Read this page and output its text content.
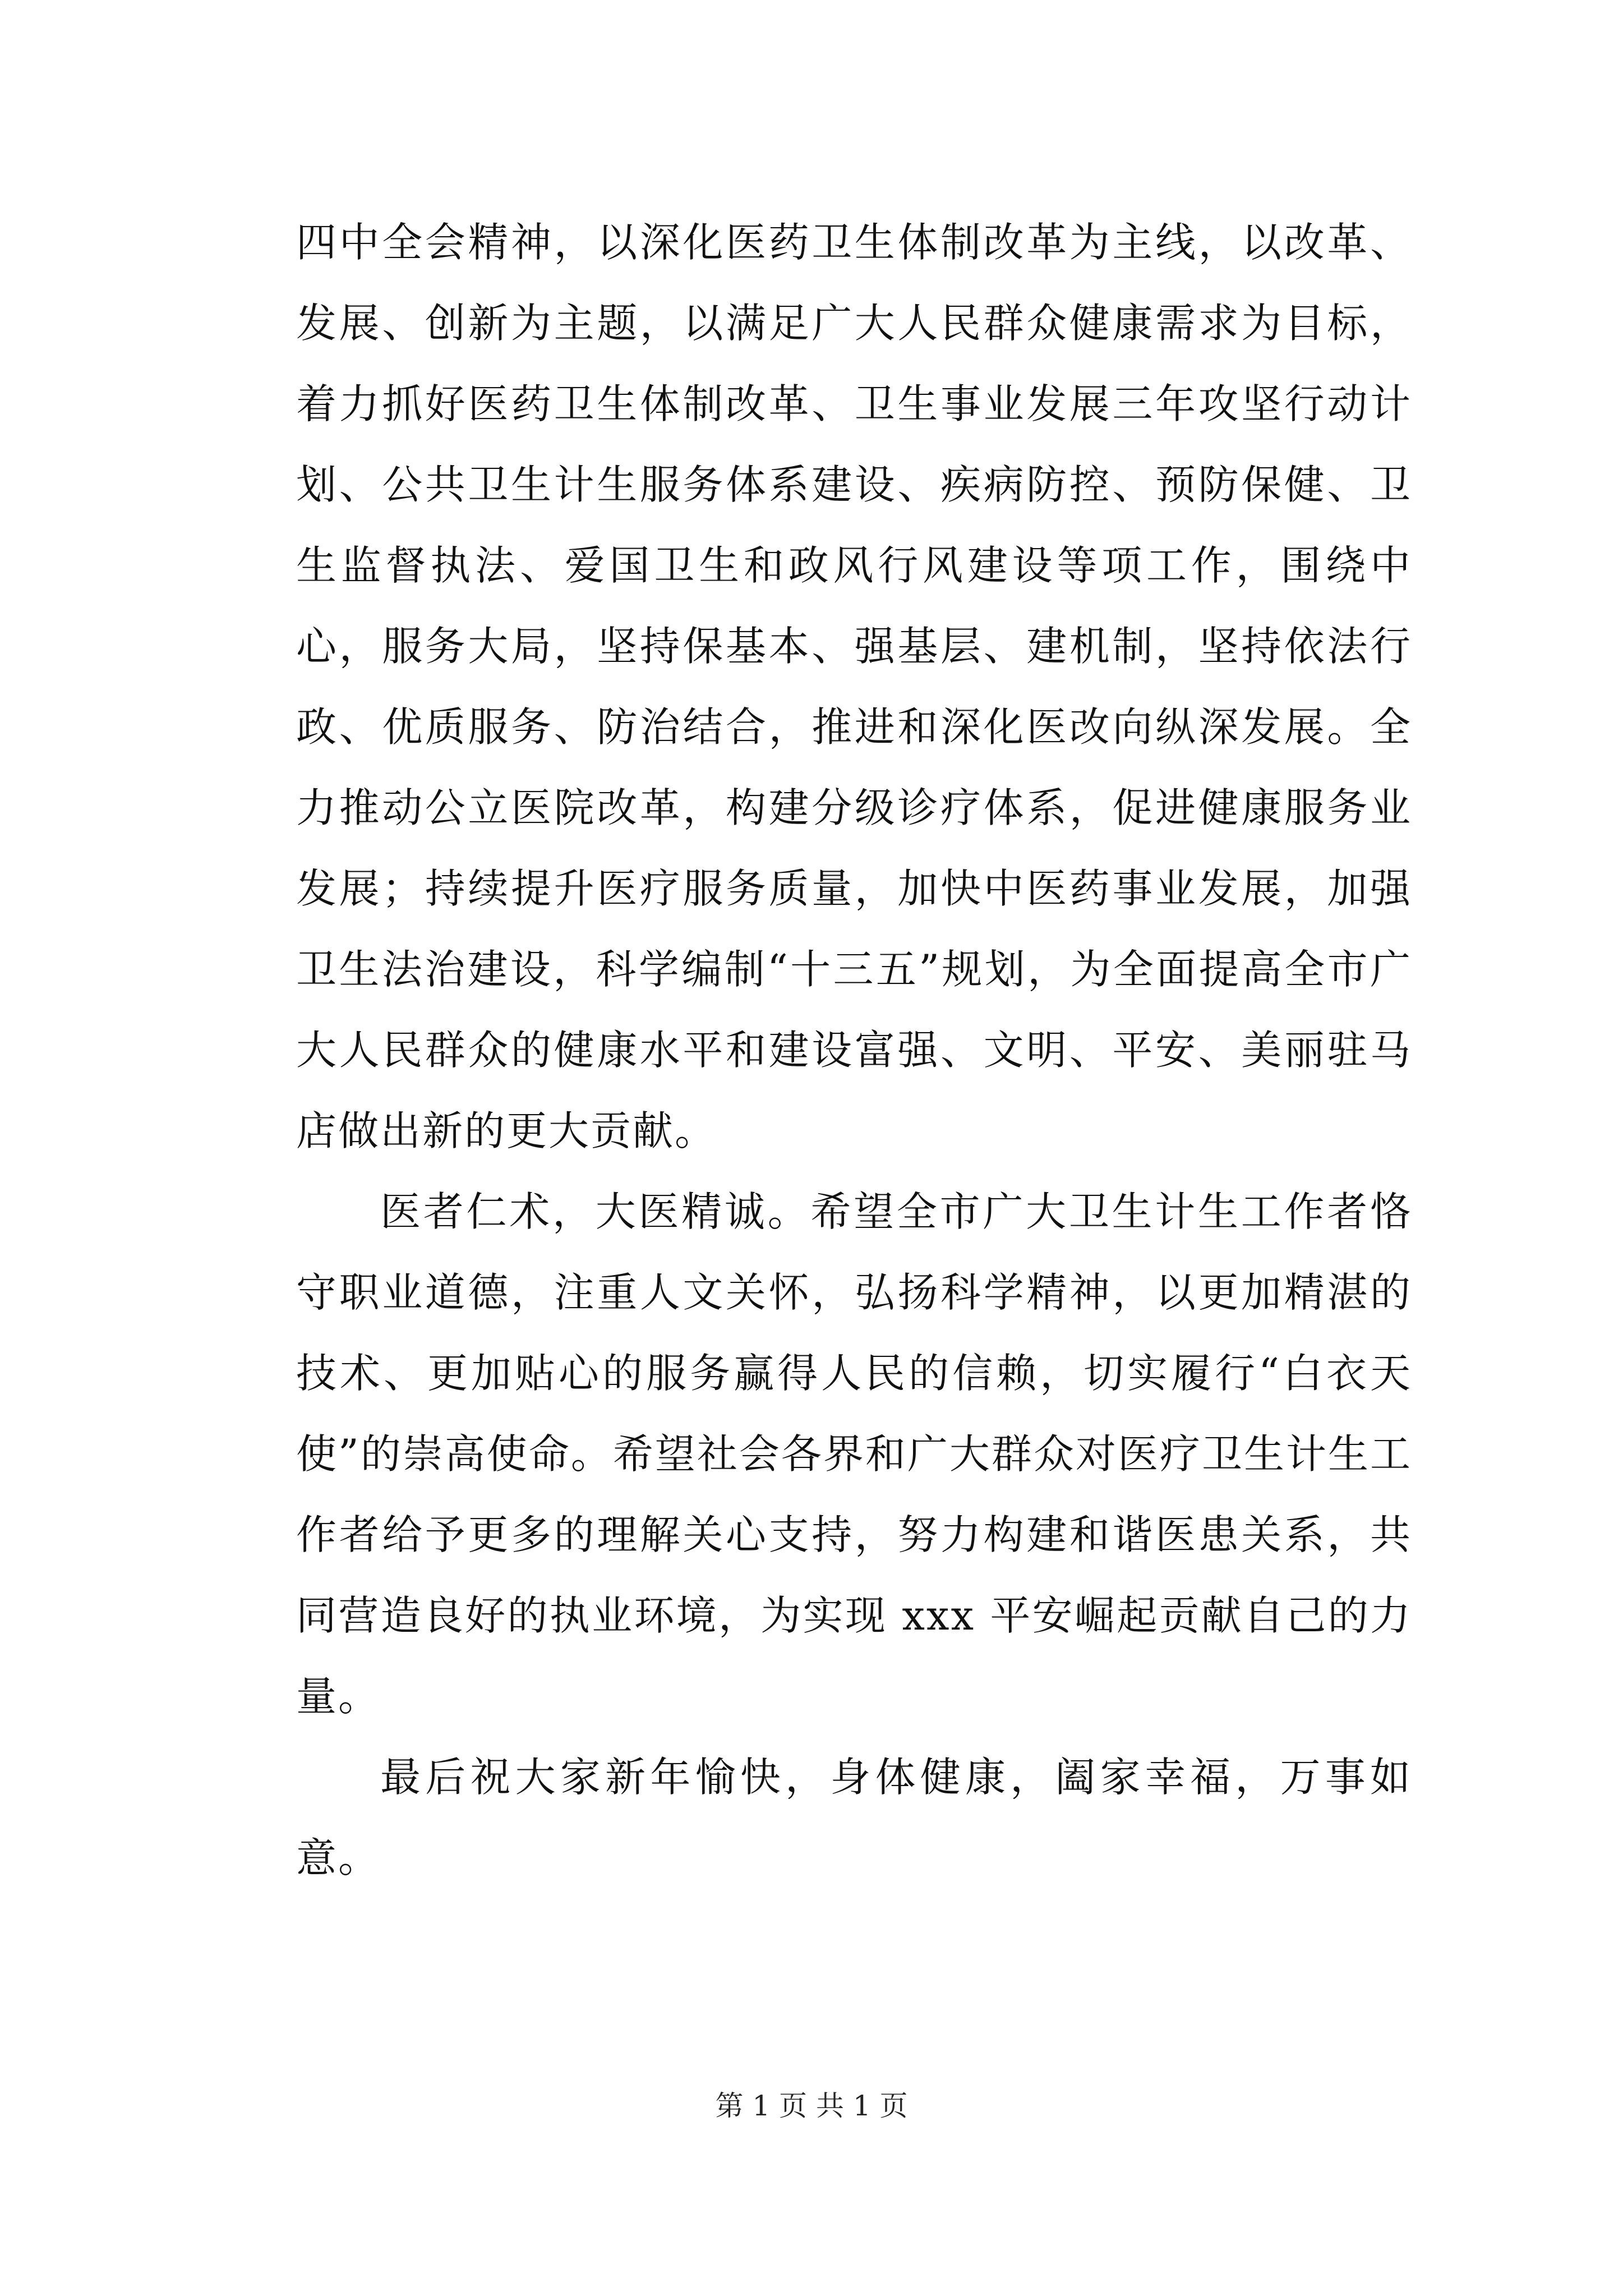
四中全会精神，以深化医药卫生体制改革为主线，以改革、发展、创新为主题，以满足广大人民群众健康需求为目标，着力抓好医药卫生体制改革、卫生事业发展三年攻坚行动计划、公共卫生计生服务体系建设、疾病防控、预防保健、卫生监督执法、爱国卫生和政风行风建设等项工作，围绕中心，服务大局，坚持保基本、强基层、建机制，坚持依法行政、优质服务、防治结合，推进和深化医改向纵深发展。全力推动公立医院改革，构建分级诊疗体系，促进健康服务业发展；持续提升医疗服务质量，加快中医药事业发展，加强卫生法治建设，科学编制“十三五”规划，为全面提高全市广大人民群众的健康水平和建设富强、文明、平安、美丽驻马店做出新的更大贡献。

医者仁术，大医精诚。希望全市广大卫生计生工作者恪守职业道德，注重人文关怀，弘扬科学精神，以更加精湛的技术、更加贴心的服务赢得人民的信赖，切实履行“白衣天使”的崇高使命。希望社会各界和广大群众对医疗卫生计生工作者给予更多的理解关心支持，努力构建和谐医患关系，共同营造良好的执业环境，为实现 xxx 平安崛起贡献自己的力量。

最后祝大家新年愉快，身体健康，阖家幸福，万事如意。

第 1 页 共 1 页
